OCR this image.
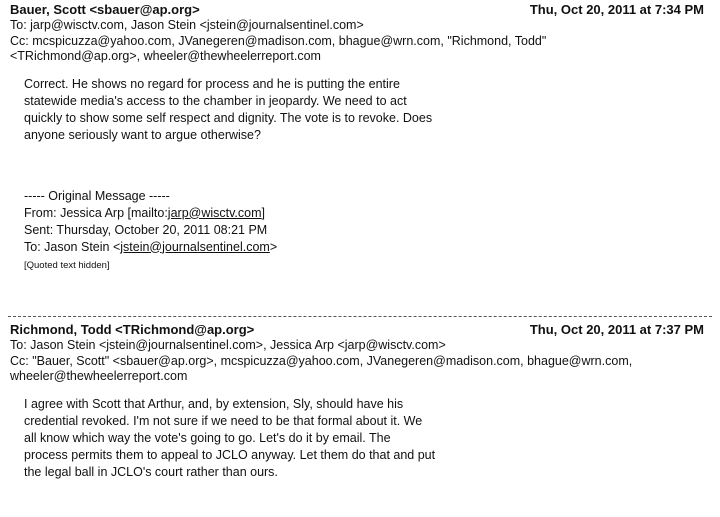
Bauer, Scott <sbauer@ap.org>	Thu, Oct 20, 2011 at 7:34 PM
To: jarp@wisctv.com, Jason Stein <jstein@journalsentinel.com>
Cc: mcspicuzza@yahoo.com, JVanegeren@madison.com, bhague@wrn.com, "Richmond, Todd"
<TRichmond@ap.org>, wheeler@thewheelerreport.com
Correct. He shows no regard for process and he is putting the entire
statewide media's access to the chamber in jeopardy. We need to act
quickly to show some self respect and dignity. The vote is to revoke. Does
anyone seriously want to argue otherwise?
----- Original Message -----
From: Jessica Arp [mailto:jarp@wisctv.com]
Sent: Thursday, October 20, 2011 08:21 PM
To: Jason Stein <jstein@journalsentinel.com>
[Quoted text hidden]
Richmond, Todd <TRichmond@ap.org>	Thu, Oct 20, 2011 at 7:37 PM
To: Jason Stein <jstein@journalsentinel.com>, Jessica Arp <jarp@wisctv.com>
Cc: "Bauer, Scott" <sbauer@ap.org>, mcspicuzza@yahoo.com, JVanegeren@madison.com, bhague@wrn.com,
wheeler@thewheelerreport.com
I agree with Scott that Arthur, and, by extension, Sly, should have his
credential revoked. I'm not sure if we need to be that formal about it. We
all know which way the vote's going to go. Let's do it by email. The
process permits them to appeal to JCLO anyway. Let them do that and put
the legal ball in JCLO's court rather than ours.
